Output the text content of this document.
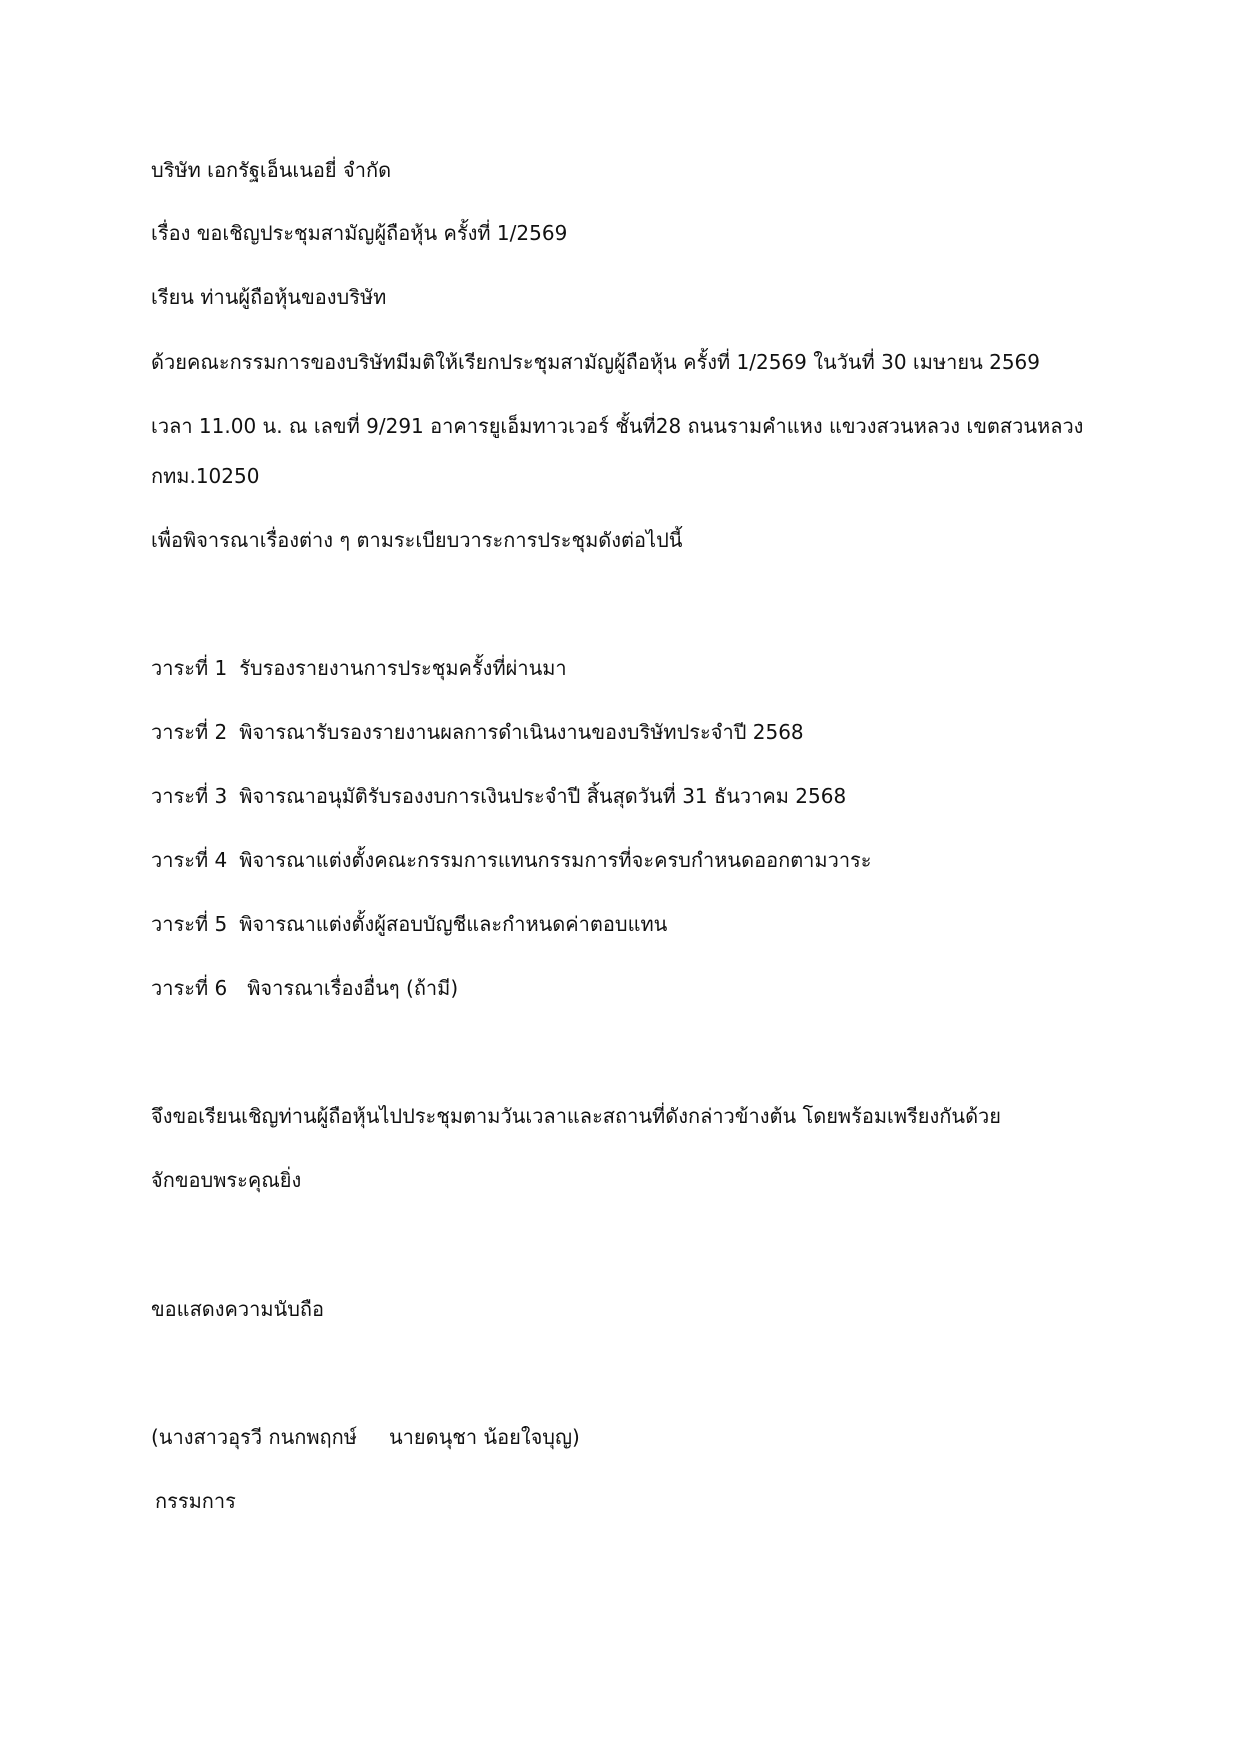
บริษัท เอกรัฐเอ็นเนอยี่ จำกัด
เรื่อง ขอเชิญประชุมสามัญผู้ถือหุ้น ครั้งที่ 1/2569
เรียน ท่านผู้ถือหุ้นของบริษัท
ด้วยคณะกรรมการของบริษัทมีมติให้เรียกประชุมสามัญผู้ถือหุ้น ครั้งที่ 1/2569 ในวันที่ 30 เมษายน 2569
เวลา 11.00 น. ณ เลขที่ 9/291 อาคารยูเอ็มทาวเวอร์ ชั้นที่28 ถนนรามคำแหง แขวงสวนหลวง เขตสวนหลวง
กทม.10250
เพื่อพิจารณาเรื่องต่าง ๆ ตามระเบียบวาระการประชุมดังต่อไปนี้
วาระที่ 1 รับรองรายงานการประชุมครั้งที่ผ่านมา
วาระที่ 2 พิจารณารับรองรายงานผลการดำเนินงานของบริษัทประจำปี 2568
วาระที่ 3 พิจารณาอนุมัติรับรองงบการเงินประจำปี สิ้นสุดวันที่ 31 ธันวาคม 2568
วาระที่ 4 พิจารณาแต่งตั้งคณะกรรมการแทนกรรมการที่จะครบกำหนดออกตามวาระ
วาระที่ 5 พิจารณาแต่งตั้งผู้สอบบัญชีและกำหนดค่าตอบแทน
วาระที่ 6 พิจารณาเรื่องอื่นๆ (ถ้ามี)
จึงขอเรียนเชิญท่านผู้ถือหุ้นไปประชุมตามวันเวลาและสถานที่ดังกล่าวข้างต้น โดยพร้อมเพรียงกันด้วย
จักขอบพระคุณยิ่ง
ขอแสดงความนับถือ
(นางสาวอุรวี กนกพฤกษ์ นายดนุชา น้อยใจบุญ)
กรรมการ
